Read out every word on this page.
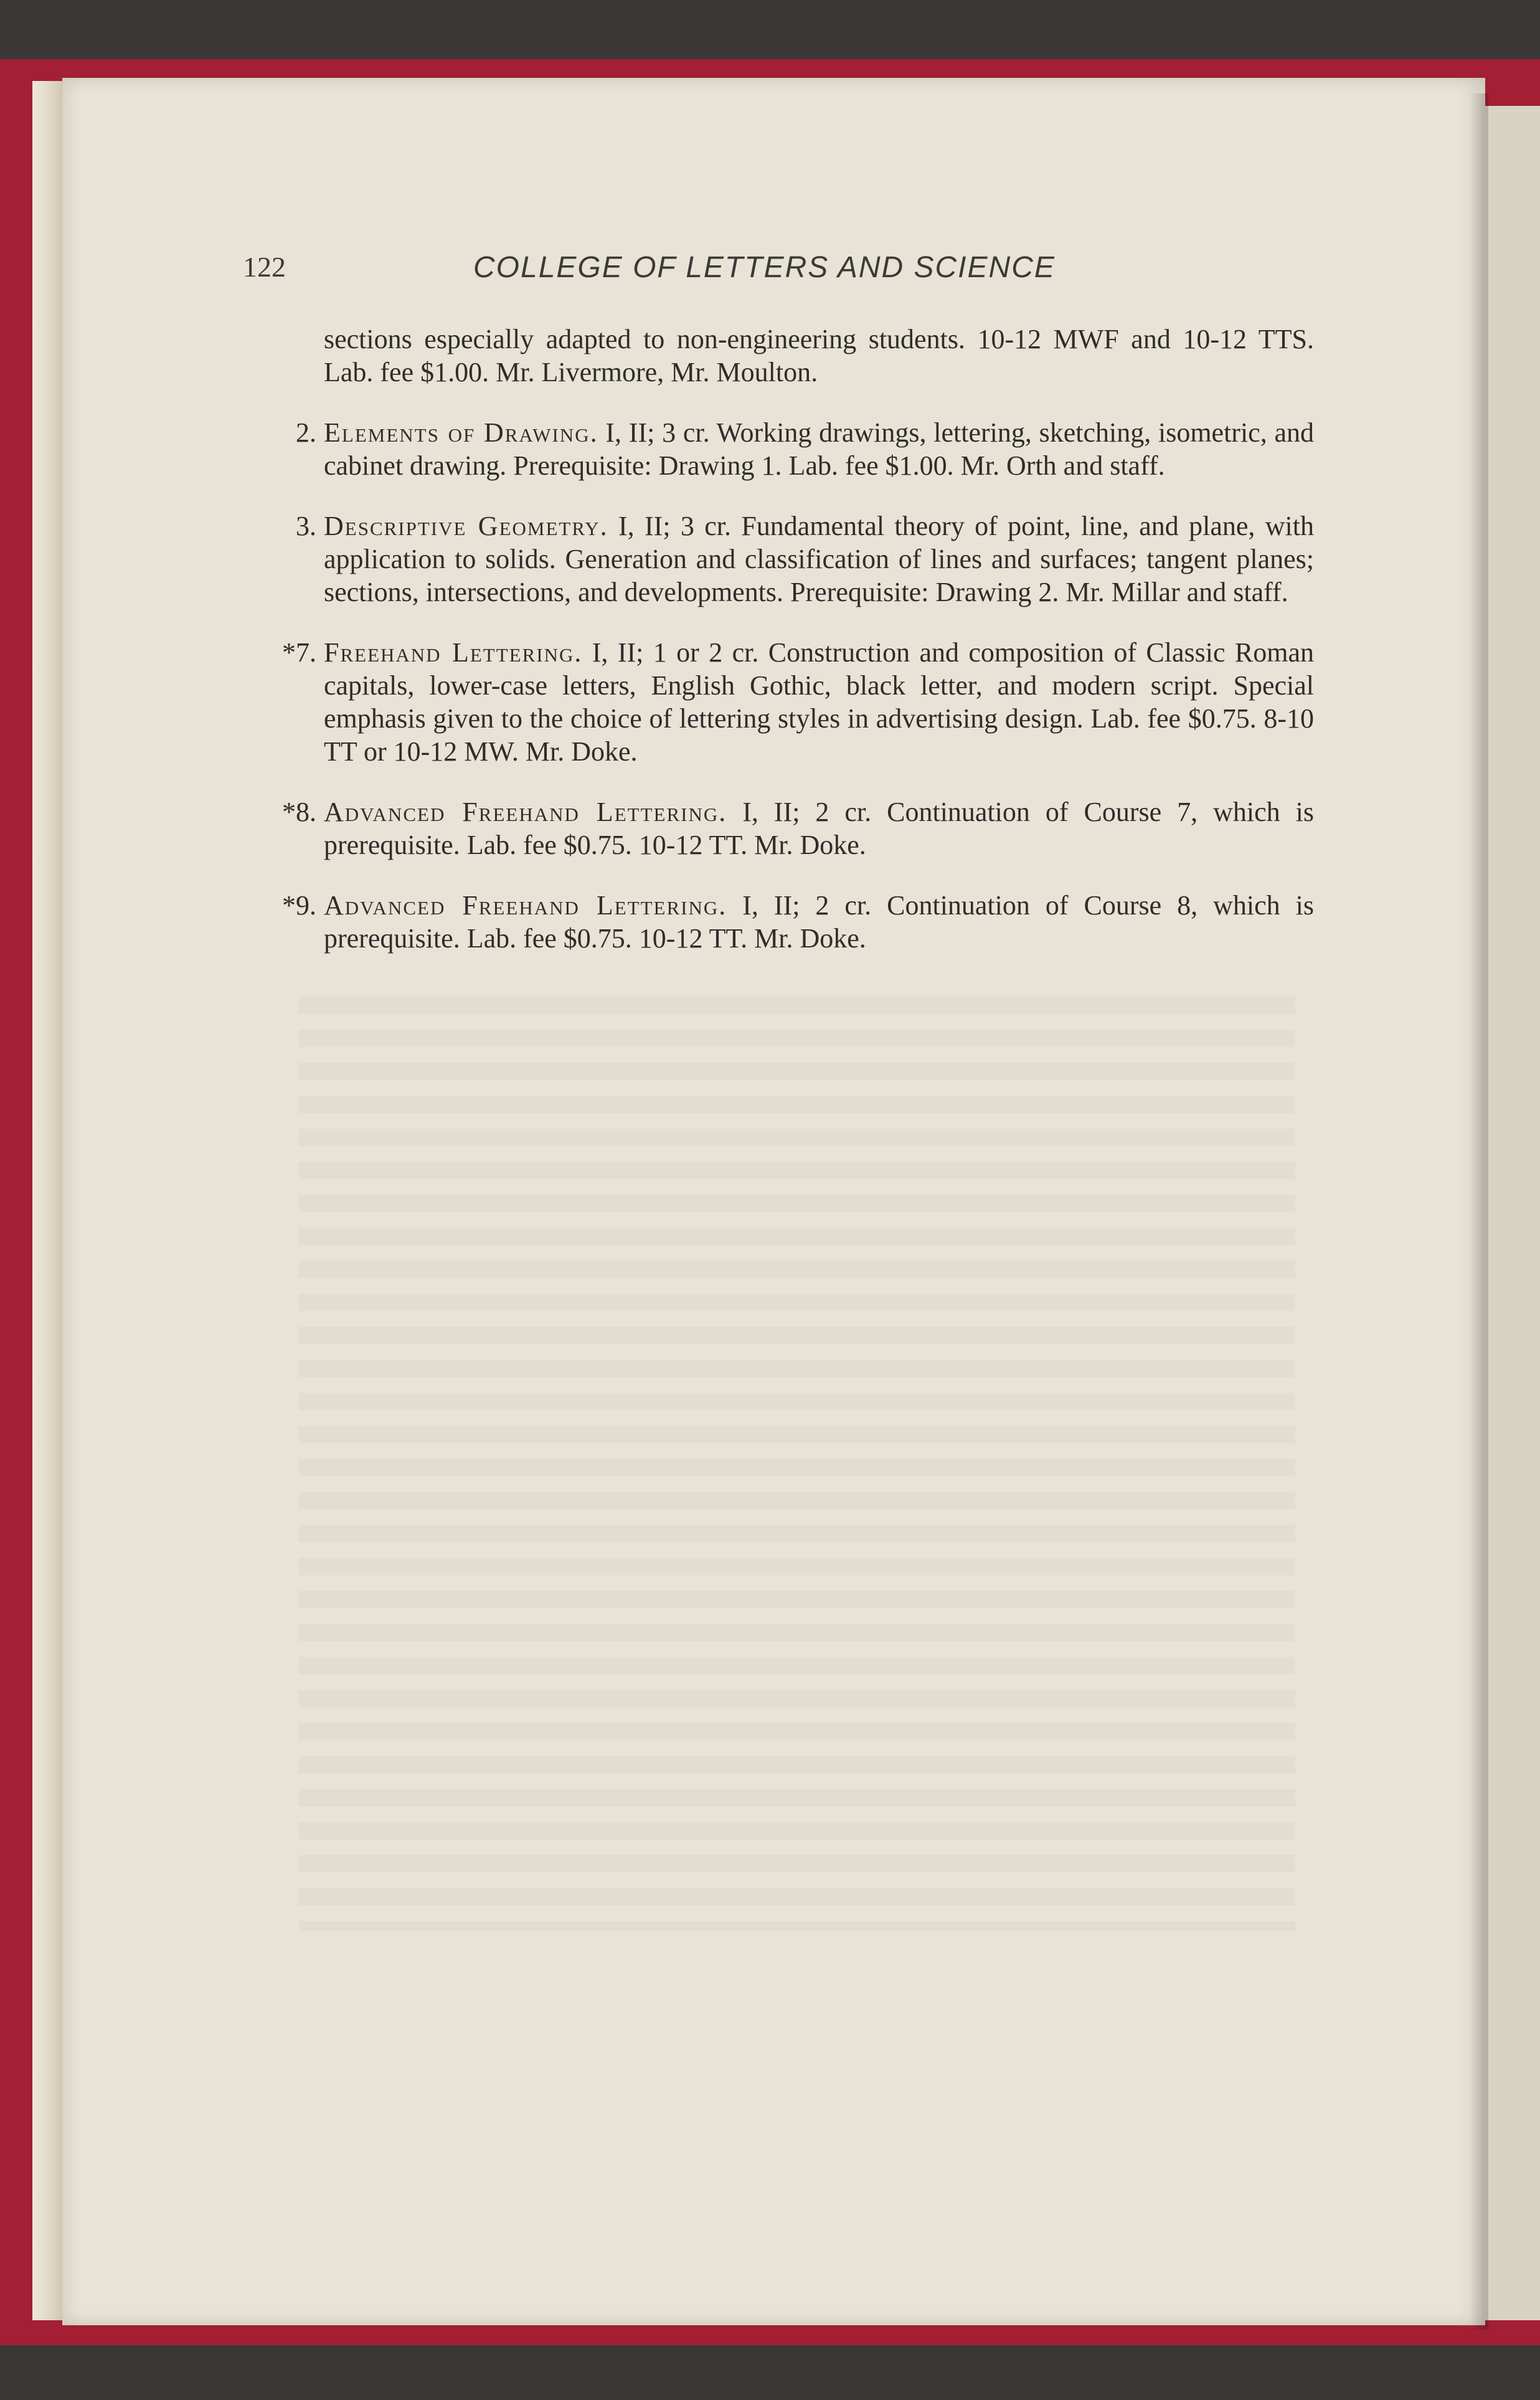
122	COLLEGE OF LETTERS AND SCIENCE
sections especially adapted to non-engineering students. 10-12 MWF and 10-12 TTS. Lab. fee $1.00. Mr. Livermore, Mr. Moulton.
2. Elements of Drawing. I, II; 3 cr. Working drawings, lettering, sketching, isometric, and cabinet drawing. Prerequisite: Drawing 1. Lab. fee $1.00. Mr. Orth and staff.
3. Descriptive Geometry. I, II; 3 cr. Fundamental theory of point, line, and plane, with application to solids. Generation and classification of lines and surfaces; tangent planes; sections, intersections, and developments. Prerequisite: Drawing 2. Mr. Millar and staff.
*7. Freehand Lettering. I, II; 1 or 2 cr. Construction and composition of Classic Roman capitals, lower-case letters, English Gothic, black letter, and modern script. Special emphasis given to the choice of lettering styles in advertising design. Lab. fee $0.75. 8-10 TT or 10-12 MW. Mr. Doke.
*8. Advanced Freehand Lettering. I, II; 2 cr. Continuation of Course 7, which is prerequisite. Lab. fee $0.75. 10-12 TT. Mr. Doke.
*9. Advanced Freehand Lettering. I, II; 2 cr. Continuation of Course 8, which is prerequisite. Lab. fee $0.75. 10-12 TT. Mr. Doke.
